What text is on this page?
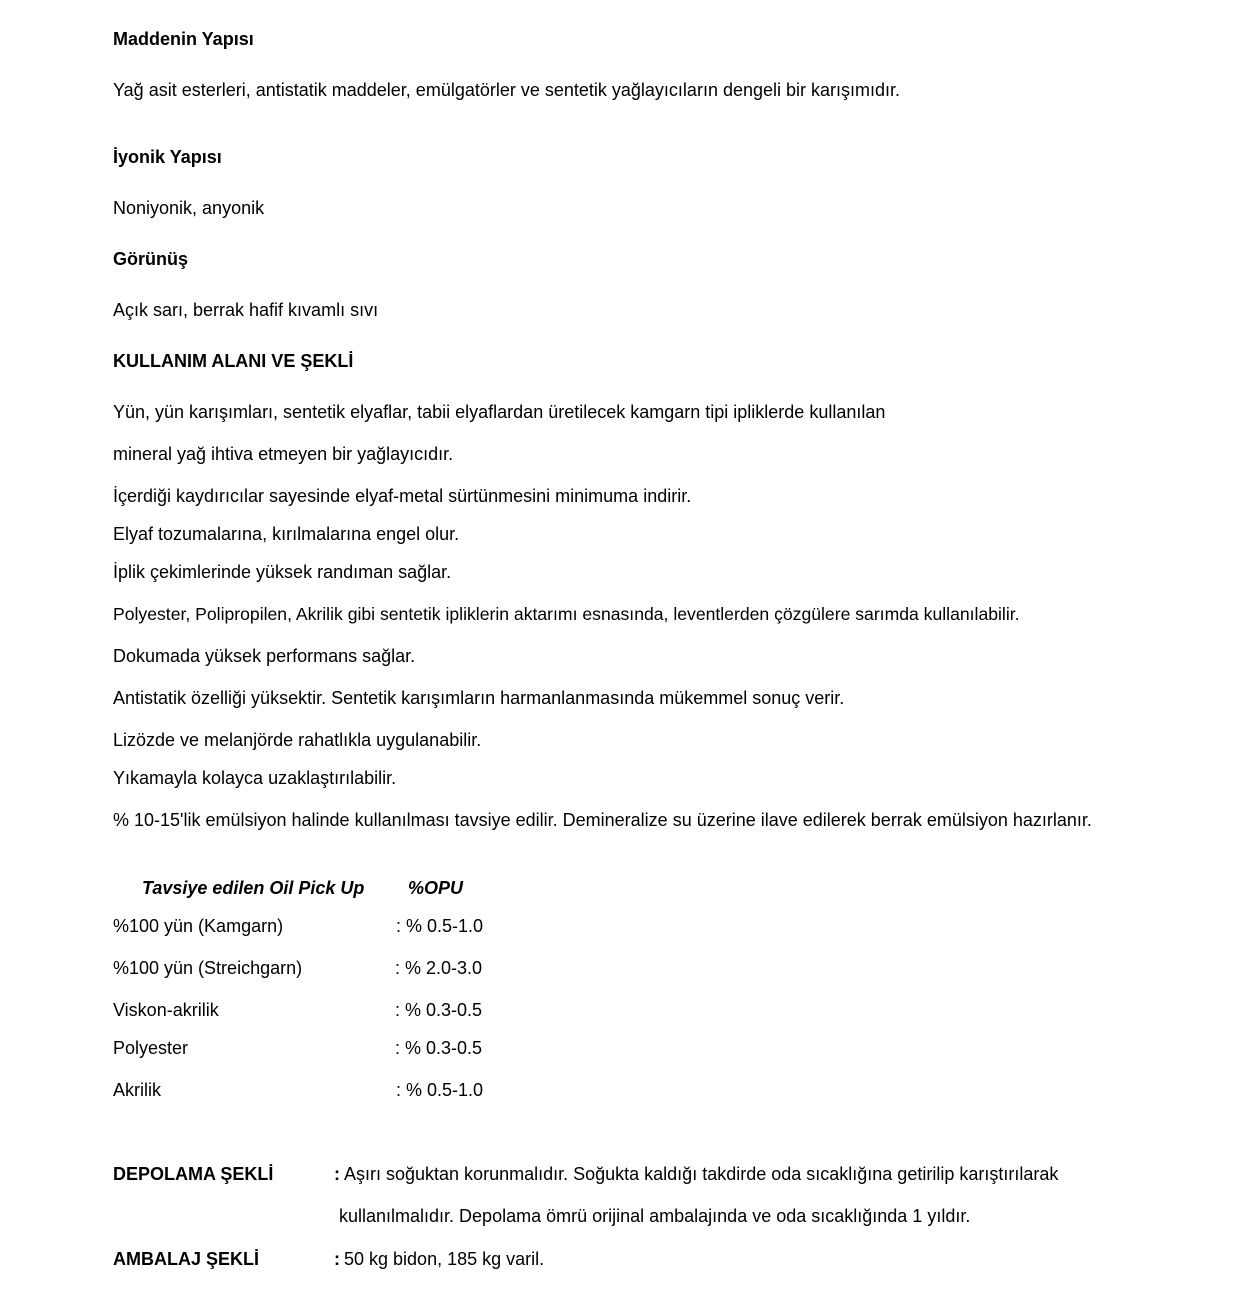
Maddenin Yapısı
Yağ asit esterleri, antistatik maddeler, emülgatörler ve sentetik yağlayıcıların dengeli bir karışımıdır.
İyonik Yapısı
Noniyonik, anyonik
Görünüş
Açık sarı, berrak hafif kıvamlı sıvı
KULLANIM ALANI VE ŞEKLİ
Yün, yün karışımları, sentetik elyaflar, tabii elyaflardan üretilecek kamgarn tipi ipliklerde kullanılan
mineral yağ ihtiva etmeyen bir yağlayıcıdır.
İçerdiği kaydırıcılar sayesinde elyaf-metal sürtünmesini minimuma indirir.
Elyaf tozumalarına, kırılmalarına engel olur.
İplik çekimlerinde yüksek randıman sağlar.
Polyester, Polipropilen, Akrilik gibi sentetik ipliklerin aktarımı esnasında, leventlerden çözgülere sarımda kullanılabilir.
Dokumada yüksek performans sağlar.
Antistatik özelliği yüksektir. Sentetik karışımların harmanlanmasında mükemmel sonuç verir.
Lizözde ve melanjörde rahatlıkla uygulanabilir.
Yıkamayla kolayca uzaklaştırılabilir.
% 10-15'lik emülsiyon halinde kullanılması tavsiye edilir. Demineralize su üzerine ilave edilerek berrak emülsiyon hazırlanır.
Tavsiye edilen Oil Pick Up %OPU
%100 yün (Kamgarn)	: % 0.5-1.0
%100 yün (Streichgarn)	: % 2.0-3.0
Viskon-akrilik	: % 0.3-0.5
Polyester	: % 0.3-0.5
Akrilik	: % 0.5-1.0
DEPOLAMA ŞEKLİ	: Aşırı soğuktan korunmalıdır. Soğukta kaldığı takdirde oda sıcaklığına getirilip karıştırılarak
kullanılmalıdır. Depolama ömrü orijinal ambalajında ve oda sıcaklığında 1 yıldır.
AMBALAJ ŞEKLİ	: 50 kg bidon, 185 kg varil.
